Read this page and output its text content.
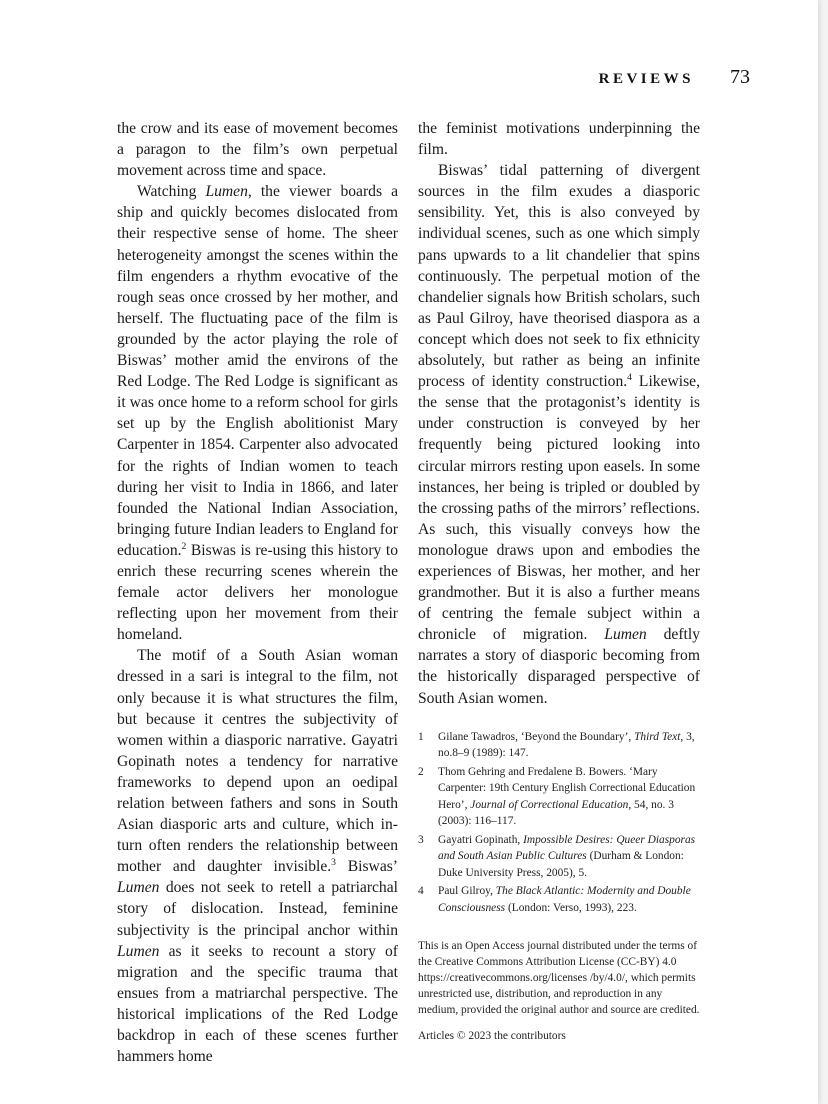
REVIEWS 73

the crow and its ease of movement becomes a paragon to the film’s own perpetual movement across time and space.

Watching Lumen, the viewer boards a ship and quickly becomes dislocated from their respective sense of home. The sheer heterogeneity amongst the scenes within the film engenders a rhythm evocative of the rough seas once crossed by her mother, and herself. The fluctuating pace of the film is grounded by the actor playing the role of Biswas’ mother amid the environs of the Red Lodge. The Red Lodge is significant as it was once home to a reform school for girls set up by the English abolitionist Mary Carpenter in 1854. Carpenter also advocated for the rights of Indian women to teach during her visit to India in 1866, and later founded the National Indian Association, bringing future Indian leaders to England for education.$^2$ Biswas is re-using this history to enrich these recurring scenes wherein the female actor delivers her monologue reflecting upon her movement from their homeland.

The motif of a South Asian woman dressed in a sari is integral to the film, not only because it is what structures the film, but because it centres the subjectivity of women within a diasporic narrative. Gayatri Gopinath notes a tendency for narrative frameworks to depend upon an oedipal relation between fathers and sons in South Asian diasporic arts and culture, which in-turn often renders the relationship between mother and daughter invisible.$^3$ Biswas’ Lumen does not seek to retell a patriarchal story of dislocation. Instead, feminine subjectivity is the principal anchor within Lumen as it seeks to recount a story of migration and the specific trauma that ensues from a matriarchal perspective. The historical implications of the Red Lodge backdrop in each of these scenes further hammers home

the feminist motivations underpinning the film.

Biswas’ tidal patterning of divergent sources in the film exudes a diasporic sensibility. Yet, this is also conveyed by individual scenes, such as one which simply pans upwards to a lit chandelier that spins continuously. The perpetual motion of the chandelier signals how British scholars, such as Paul Gilroy, have theorised diaspora as a concept which does not seek to fix ethnicity absolutely, but rather as being an infinite process of identity construction.$^4$ Likewise, the sense that the protagonist’s identity is under construction is conveyed by her frequently being pictured looking into circular mirrors resting upon easels. In some instances, her being is tripled or doubled by the crossing paths of the mirrors’ reflections. As such, this visually conveys how the monologue draws upon and embodies the experiences of Biswas, her mother, and her grandmother. But it is also a further means of centring the female subject within a chronicle of migration. Lumen deftly narrates a story of diasporic becoming from the historically disparaged perspective of South Asian women.

1	Gilane Tawadros, ‘Beyond the Boundary’, Third Text, 3, no.8–9 (1989): 147.
2	Thom Gehring and Fredalene B. Bowers. ‘Mary Carpenter: 19th Century English Correctional Education Hero’, Journal of Correctional Education, 54, no. 3 (2003): 116–117.
3	Gayatri Gopinath, Impossible Desires: Queer Diasporas and South Asian Public Cultures (Durham & London: Duke University Press, 2005), 5.
4	Paul Gilroy, The Black Atlantic: Modernity and Double Consciousness (London: Verso, 1993), 223.
This is an Open Access journal distributed under the terms of the Creative Commons Attribution License (CC-BY) 4.0 https://creativecommons.org/licenses /by/4.0/, which permits unrestricted use, distribution, and reproduction in any medium, provided the original author and source are credited.
Articles © 2023 the contributors
